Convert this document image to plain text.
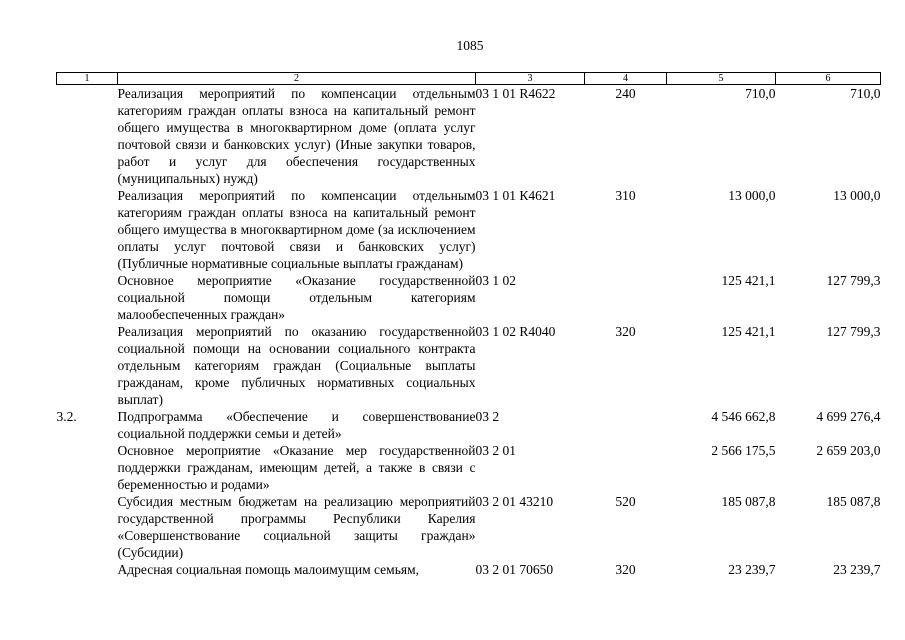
1085
1	2	3	4	5	6
	Реализация мероприятий по компенсации отдельным категориям граждан оплаты взноса на капитальный ремонт общего имущества в многоквартирном доме (оплата услуг почтовой связи и банковских услуг) (Иные закупки товаров, работ и услуг для обеспечения государственных (муниципальных) нужд)	03 1 01 R4622	240	710,0	710,0
	Реализация мероприятий по компенсации отдельным категориям граждан оплаты взноса на капитальный ремонт общего имущества в многоквартирном доме (за исключением оплаты услуг почтовой связи и банковских услуг) (Публичные нормативные социальные выплаты гражданам)	03 1 01 К4621	310	13 000,0	13 000,0
	Основное мероприятие «Оказание государственной социальной помощи отдельным категориям малообеспеченных граждан»	03 1 02		125 421,1	127 799,3
	Реализация мероприятий по оказанию государственной социальной помощи на основании социального контракта отдельным категориям граждан (Социальные выплаты гражданам, кроме публичных нормативных социальных выплат)	03 1 02 R4040	320	125 421,1	127 799,3
3.2.	Подпрограмма «Обеспечение и совершенствование социальной поддержки семьи и детей»	03 2		4 546 662,8	4 699 276,4
	Основное мероприятие «Оказание мер государственной поддержки гражданам, имеющим детей, а также в связи с беременностью и родами»	03 2 01		2 566 175,5	2 659 203,0
	Субсидия местным бюджетам на реализацию мероприятий государственной программы Республики Карелия «Совершенствование социальной защиты граждан» (Субсидии)	03 2 01 43210	520	185 087,8	185 087,8
	Адресная социальная помощь малоимущим семьям,	03 2 01 70650	320	23 239,7	23 239,7
